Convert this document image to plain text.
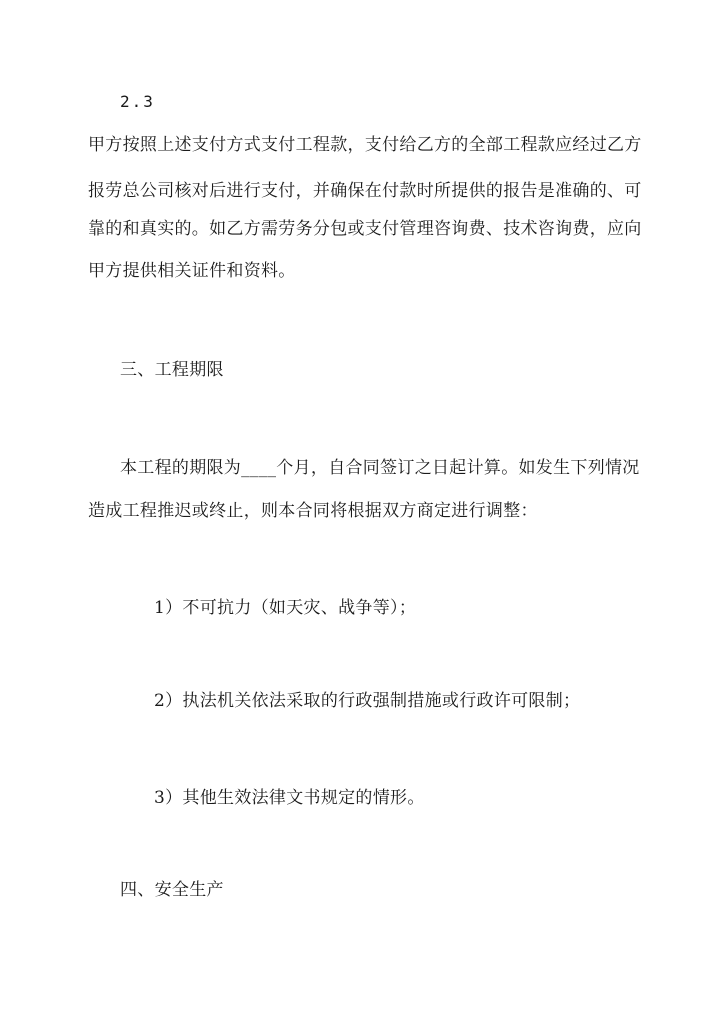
2.3
甲方按照上述支付方式支付工程款，支付给乙方的全部工程款应经过乙方
报劳总公司核对后进行支付，并确保在付款时所提供的报告是准确的、可
靠的和真实的。如乙方需劳务分包或支付管理咨询费、技术咨询费，应向
甲方提供相关证件和资料。
三、工程期限
本工程的期限为____个月，自合同签订之日起计算。如发生下列情况
造成工程推迟或终止，则本合同将根据双方商定进行调整：
1）不可抗力（如天灾、战争等）；
2）执法机关依法采取的行政强制措施或行政许可限制；
3）其他生效法律文书规定的情形。
四、安全生产
